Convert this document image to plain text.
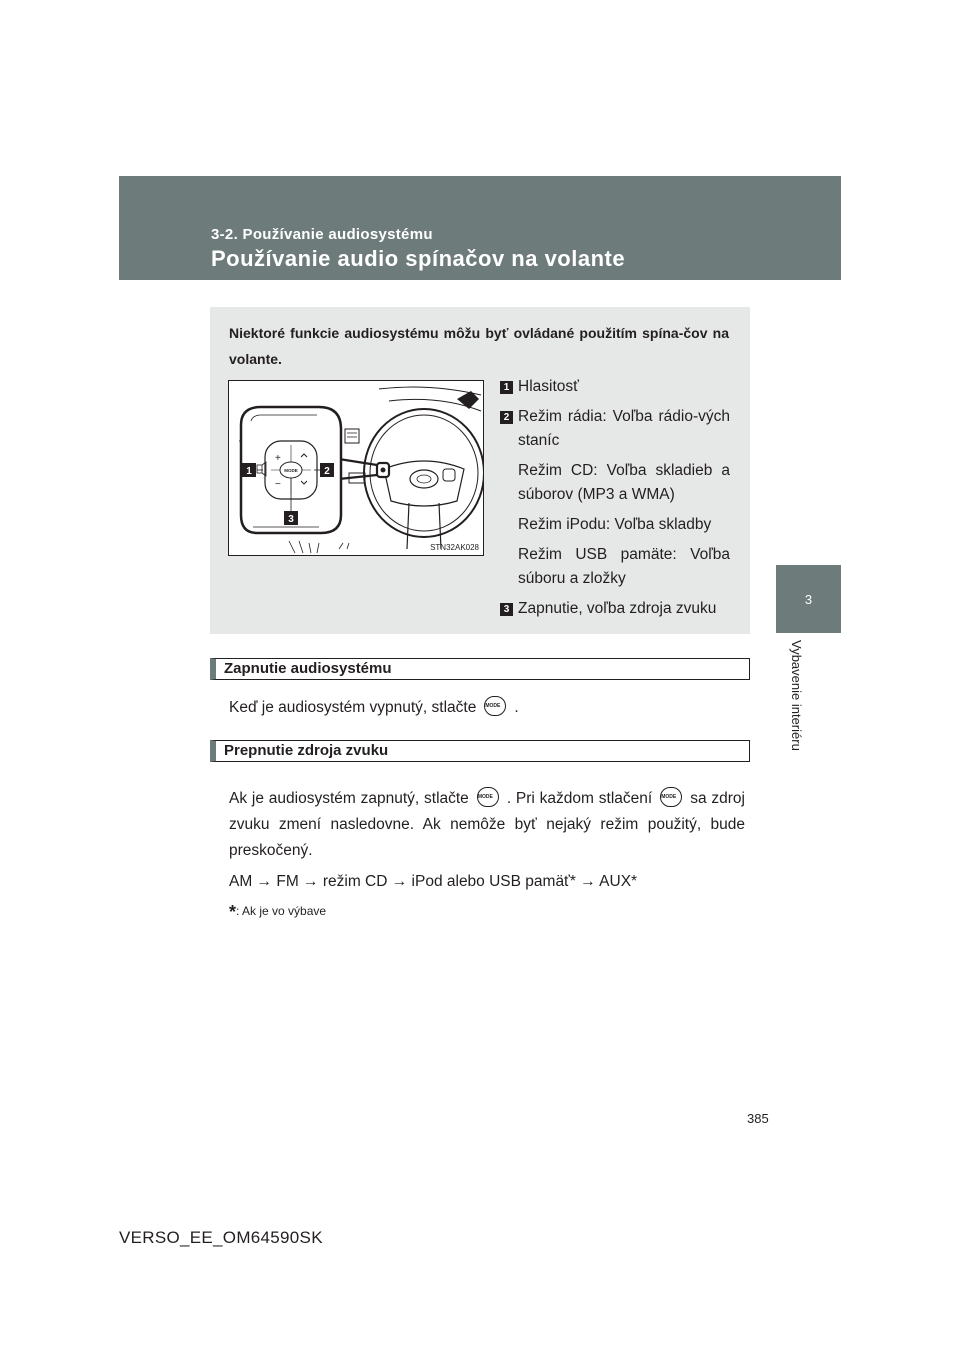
3-2. Používanie audiosystému
Používanie audio spínačov na volante
3
Vybavenie interiéru
Niektoré funkcie audiosystému môžu byť ovládané použitím spína-čov na volante.
+
−
MODE
1	2
3
STN32AK028
1 Hlasitosť
2 Režim rádia: Voľba rádio-vých staníc
Režim CD: Voľba skladieb a súborov (MP3 a WMA)
Režim iPodu: Voľba skladby
Režim USB pamäte: Voľba súboru a zložky
3 Zapnutie, voľba zdroja zvuku
Zapnutie audiosystému
Keď je audiosystém vypnutý, stlačte MODE .
Prepnutie zdroja zvuku
Ak je audiosystém zapnutý, stlačte MODE . Pri každom stlačení MODE sa zdroj zvuku zmení nasledovne. Ak nemôže byť nejaký režim použitý, bude preskočený.
AM → FM → režim CD → iPod alebo USB pamäť* → AUX*
*: Ak je vo výbave
385
VERSO_EE_OM64590SK
